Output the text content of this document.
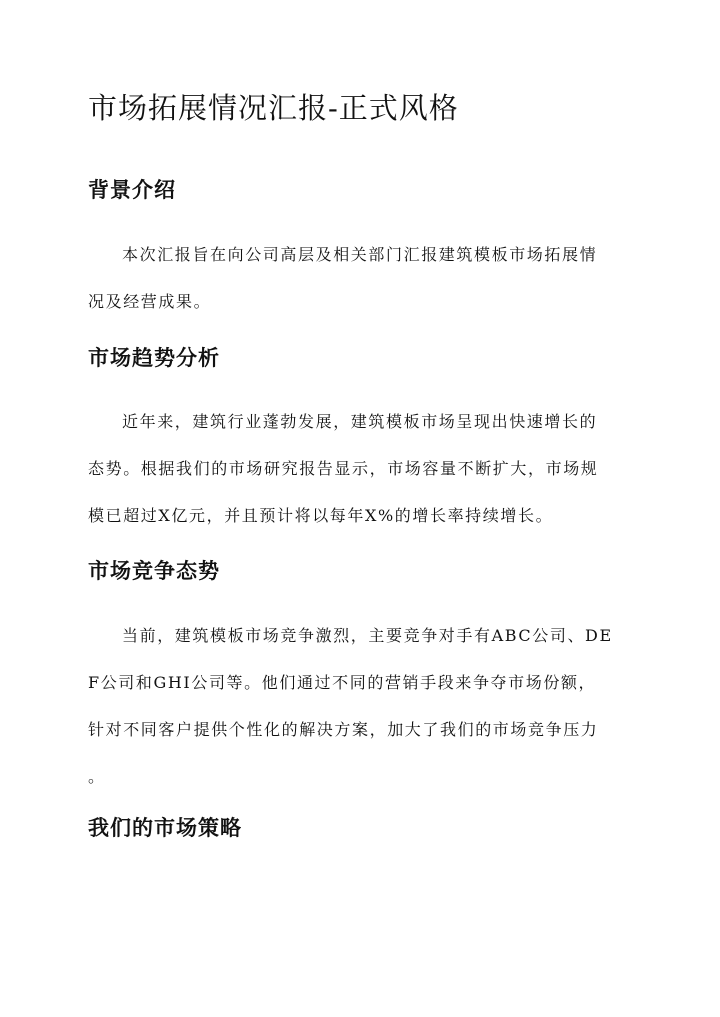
市场拓展情况汇报-正式风格
背景介绍
本次汇报旨在向公司高层及相关部门汇报建筑模板市场拓展情
况及经营成果。
市场趋势分析
近年来，建筑行业蓬勃发展，建筑模板市场呈现出快速增长的
态势。根据我们的市场研究报告显示，市场容量不断扩大，市场规
模已超过X亿元，并且预计将以每年X%的增长率持续增长。
市场竞争态势
当前，建筑模板市场竞争激烈，主要竞争对手有ABC公司、DE
F公司和GHI公司等。他们通过不同的营销手段来争夺市场份额，
针对不同客户提供个性化的解决方案，加大了我们的市场竞争压力
。
我们的市场策略
